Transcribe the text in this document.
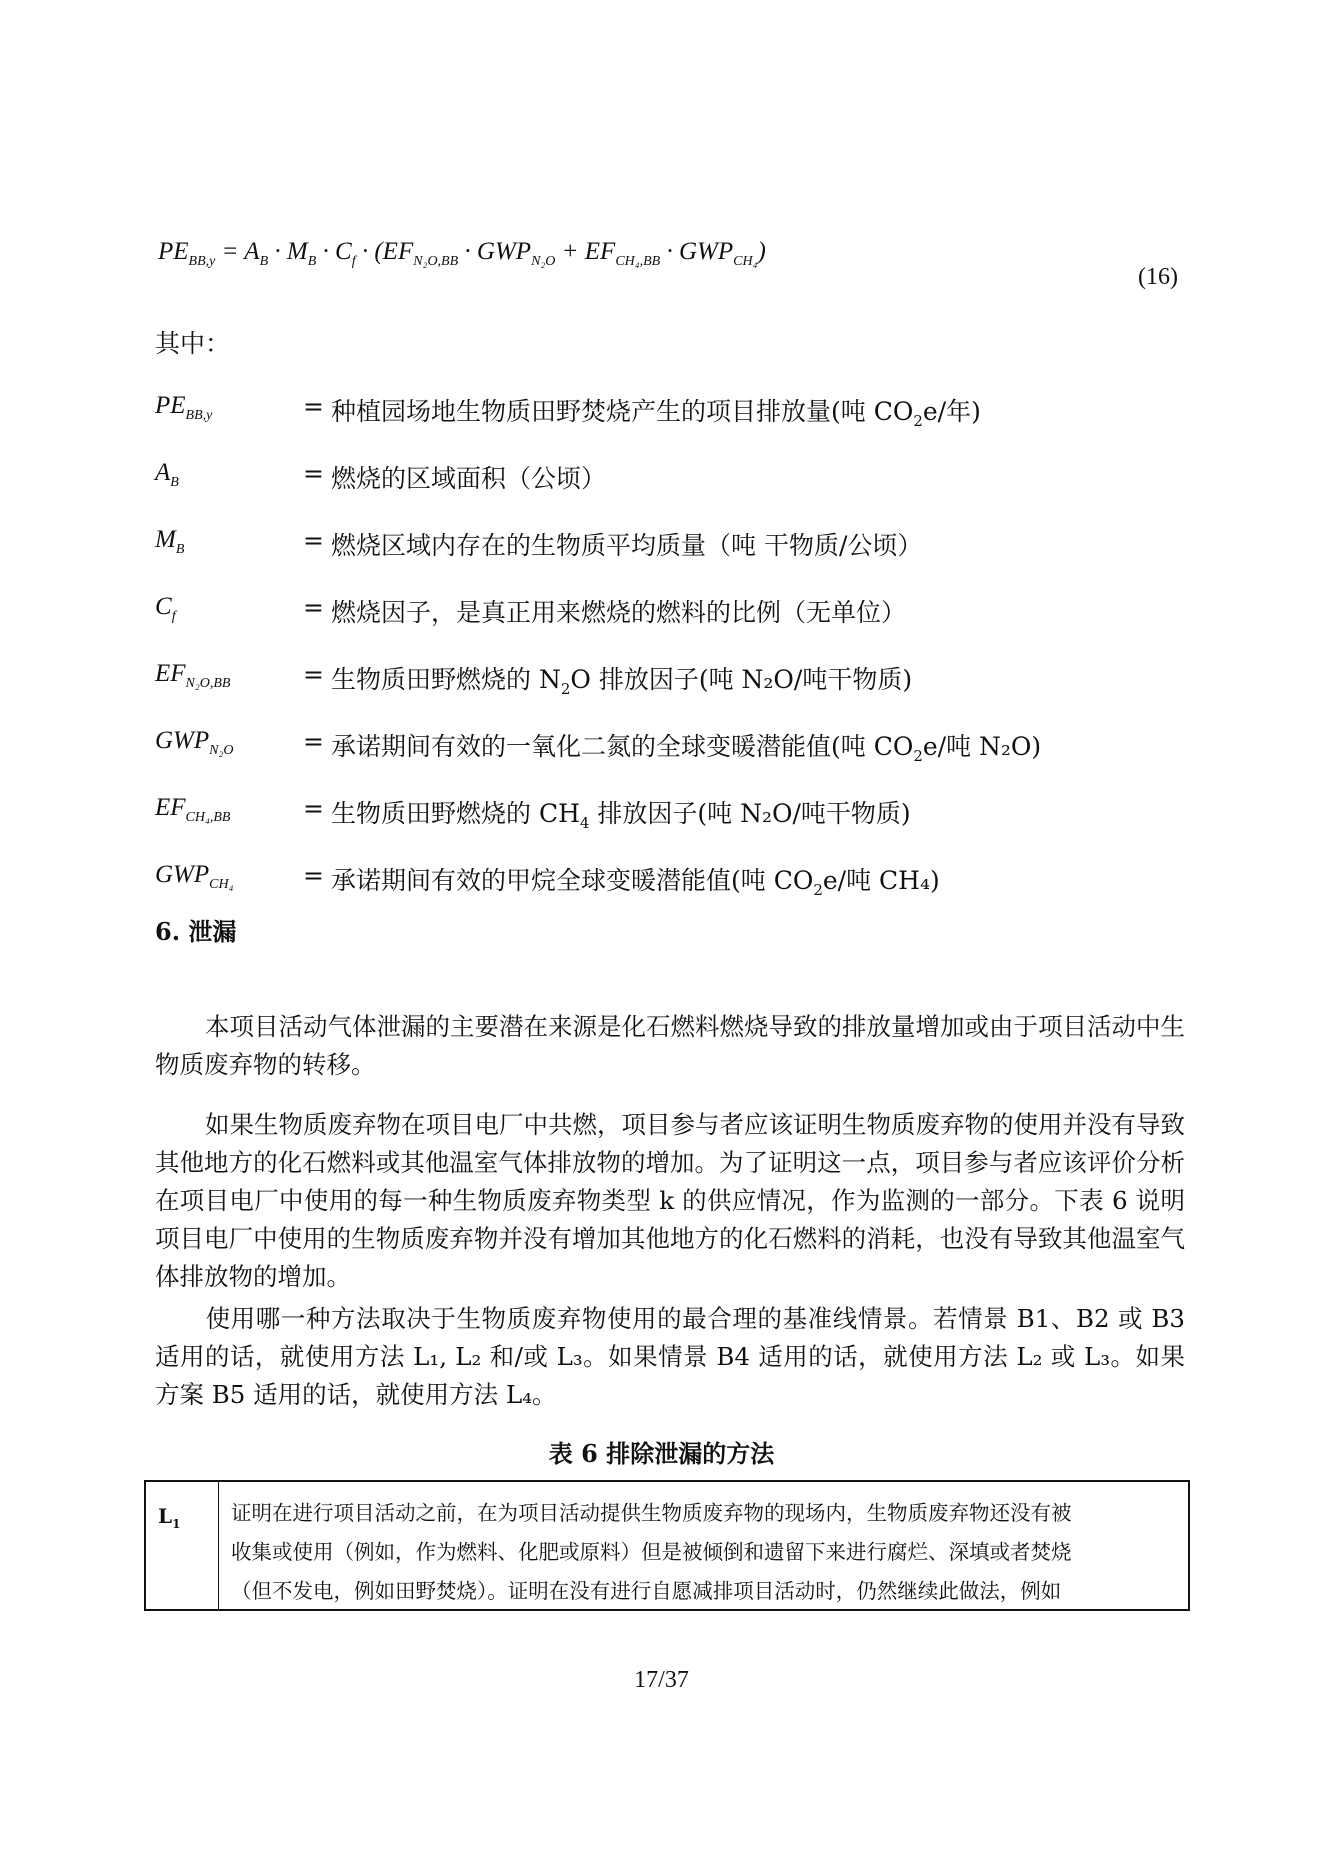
$PE_{BB,y} = A_B \cdot M_B \cdot C_f \cdot (EF_{N_2O,BB} \cdot GWP_{N_2O} + EF_{CH_4,BB} \cdot GWP_{CH_4})$
(16)
其中：
$PE_{BB,y}$	= 种植园场地生物质田野焚烧产生的项目排放量(吨 $CO_2e/$年)
$A_B$	= 燃烧的区域面积（公顷）
$M_B$	= 燃烧区域内存在的生物质平均质量（吨 干物质/公顷）
$C_f$	= 燃烧因子，是真正用来燃烧的燃料的比例（无单位）
$EF_{N_2O,BB}$	= 生物质田野燃烧的 $N_2O$ 排放因子(吨 N₂O/吨干物质)
$GWP_{N_2O}$	= 承诺期间有效的一氧化二氮的全球变暖潜能值(吨 $CO_2e/$吨 N₂O)
$EF_{CH_4,BB}$	= 生物质田野燃烧的 $CH_4$ 排放因子(吨 N₂O/吨干物质)
$GWP_{CH_4}$	= 承诺期间有效的甲烷全球变暖潜能值(吨 $CO_2e/$吨 CH₄)
6. 泄漏
本项目活动气体泄漏的主要潜在来源是化石燃料燃烧导致的排放量增加或由于项目活动中生物质废弃物的转移。
如果生物质废弃物在项目电厂中共燃，项目参与者应该证明生物质废弃物的使用并没有导致其他地方的化石燃料或其他温室气体排放物的增加。为了证明这一点，项目参与者应该评价分析在项目电厂中使用的每一种生物质废弃物类型 k 的供应情况，作为监测的一部分。下表 6 说明项目电厂中使用的生物质废弃物并没有增加其他地方的化石燃料的消耗，也没有导致其他温室气体排放物的增加。
使用哪一种方法取决于生物质废弃物使用的最合理的基准线情景。若情景 B1、B2 或 B3 适用的话，就使用方法 L₁, L₂ 和/或 L₃。如果情景 B4 适用的话，就使用方法 L₂ 或 L₃。如果方案 B5 适用的话，就使用方法 L₄。
表 6 排除泄漏的方法
$L_1$ 证明在进行项目活动之前，在为项目活动提供生物质废弃物的现场内，生物质废弃物还没有被
收集或使用（例如，作为燃料、化肥或原料）但是被倾倒和遗留下来进行腐烂、深填或者焚烧
（但不发电，例如田野焚烧）。证明在没有进行自愿减排项目活动时，仍然继续此做法，例如
17/37
